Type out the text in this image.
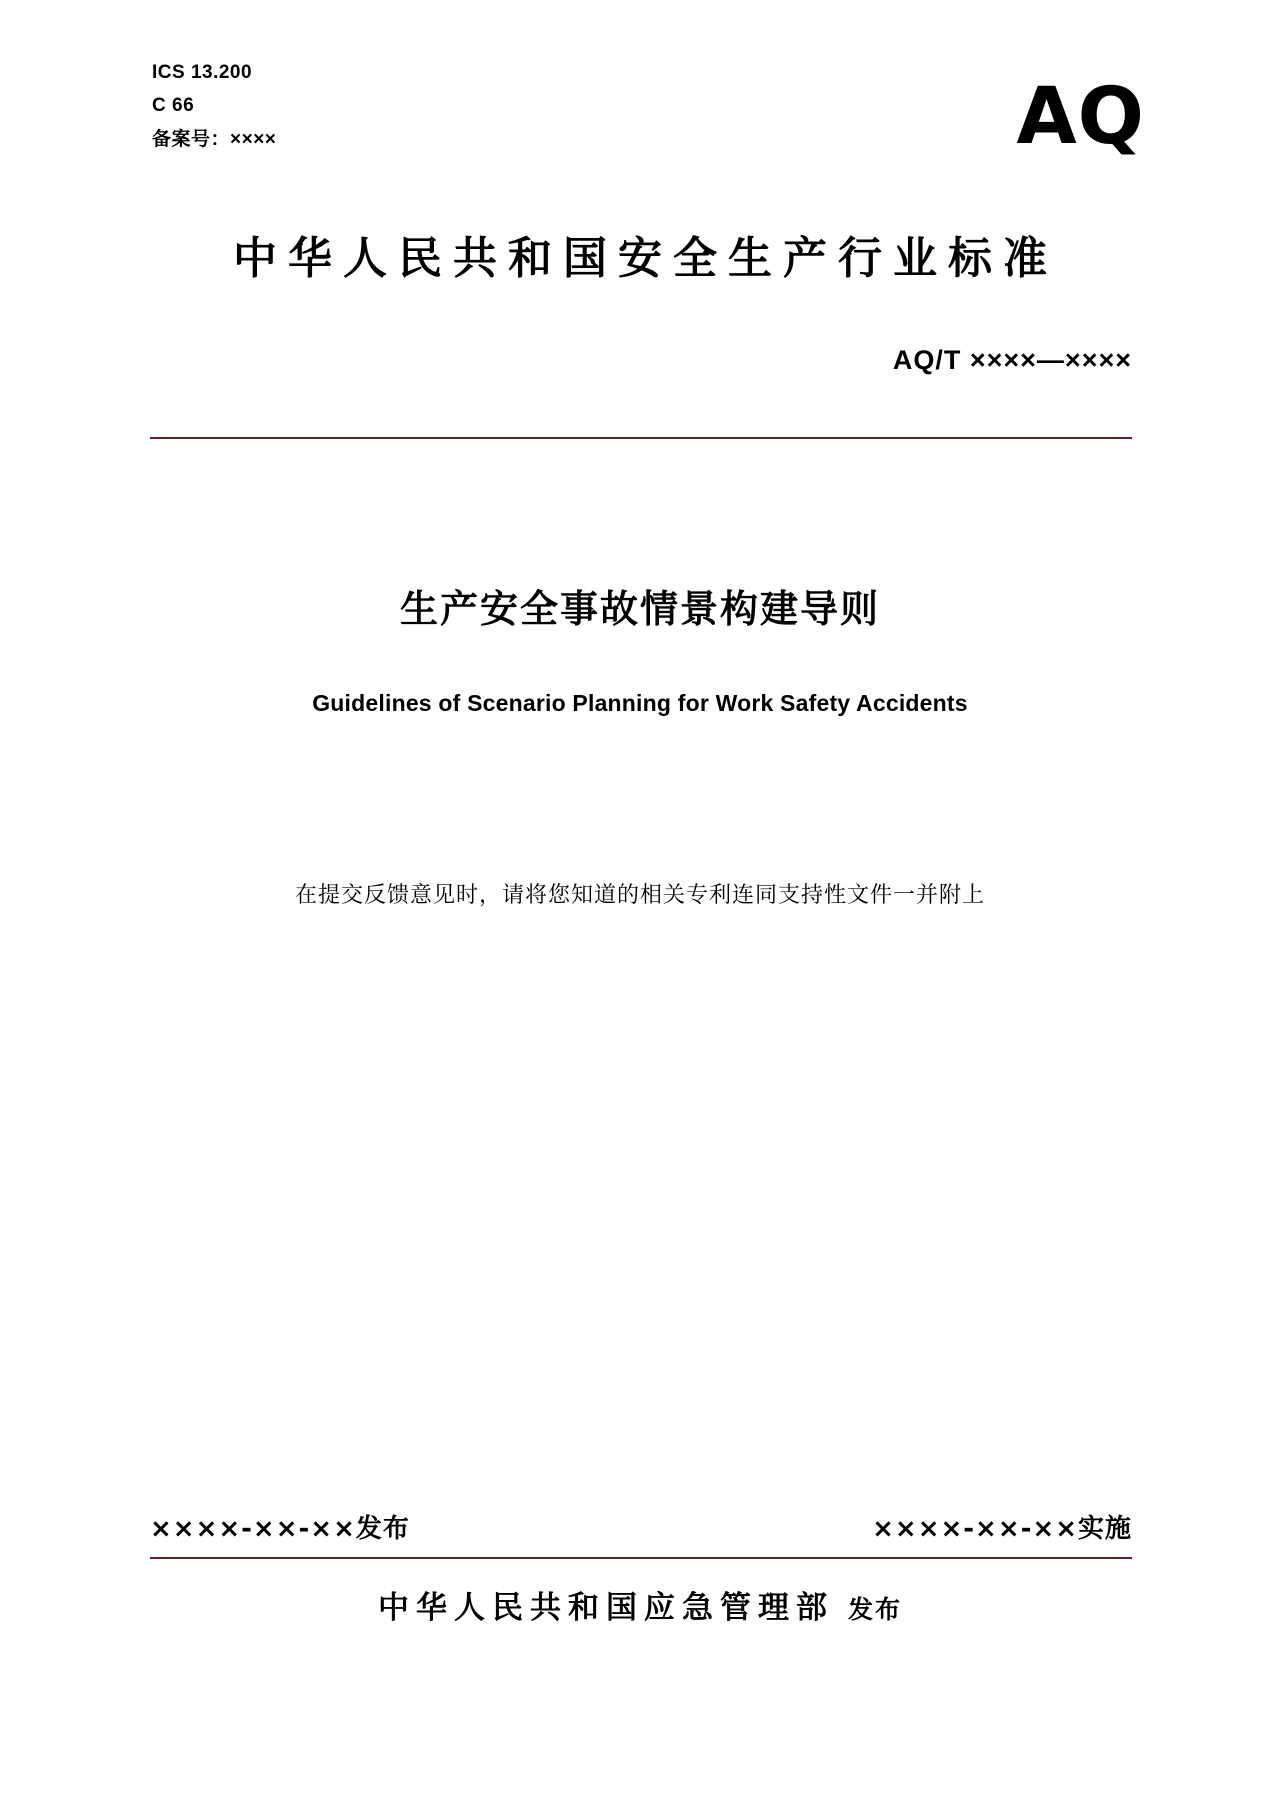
ICS 13.200
C 66
备案号：××××	AQ
中华人民共和国安全生产行业标准
AQ/T ××××—××××
生产安全事故情景构建导则
Guidelines of Scenario Planning for Work Safety Accidents
在提交反馈意见时，请将您知道的相关专利连同支持性文件一并附上
××××-××-××发布	××××-××-××实施
中华人民共和国应急管理部 发布
